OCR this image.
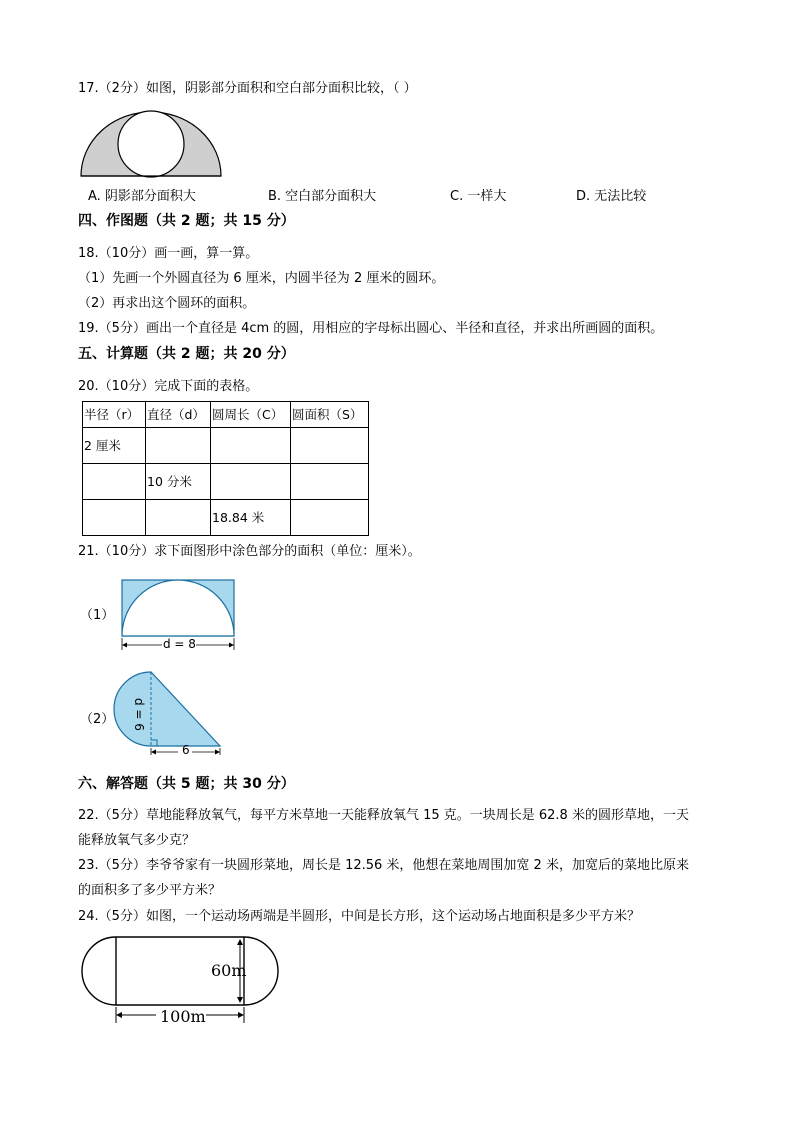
17.（2分）如图，阴影部分面积和空白部分面积比较，（ ）
A. 阴影部分面积大	B. 空白部分面积大	C. 一样大	D. 无法比较
四、作图题（共 2 题；共 15 分）
18.（10分）画一画，算一算。
（1）先画一个外圆直径为 6 厘米，内圆半径为 2 厘米的圆环。
（2）再求出这个圆环的面积。
19.（5分）画出一个直径是 4cm 的圆，用相应的字母标出圆心、半径和直径，并求出所画圆的面积。
五、计算题（共 2 题；共 20 分）
20.（10分）完成下面的表格。
半径（r）	直径（d）	圆周长（C）	圆面积（S）
2 厘米			
	10 分米		
		18.84 米	
21.（10分）求下面图形中涂色部分的面积（单位：厘米）。
（1）
d = 8
（2） d = 6
6
六、解答题（共 5 题；共 30 分）
22.（5分）草地能释放氧气，每平方米草地一天能释放氧气 15 克。一块周长是 62.8 米的圆形草地，一天
能释放氧气多少克？
23.（5分）李爷爷家有一块圆形菜地，周长是 12.56 米，他想在菜地周围加宽 2 米，加宽后的菜地比原来
的面积多了多少平方米？
24.（5分）如图，一个运动场两端是半圆形，中间是长方形，这个运动场占地面积是多少平方米？
60m
100m
